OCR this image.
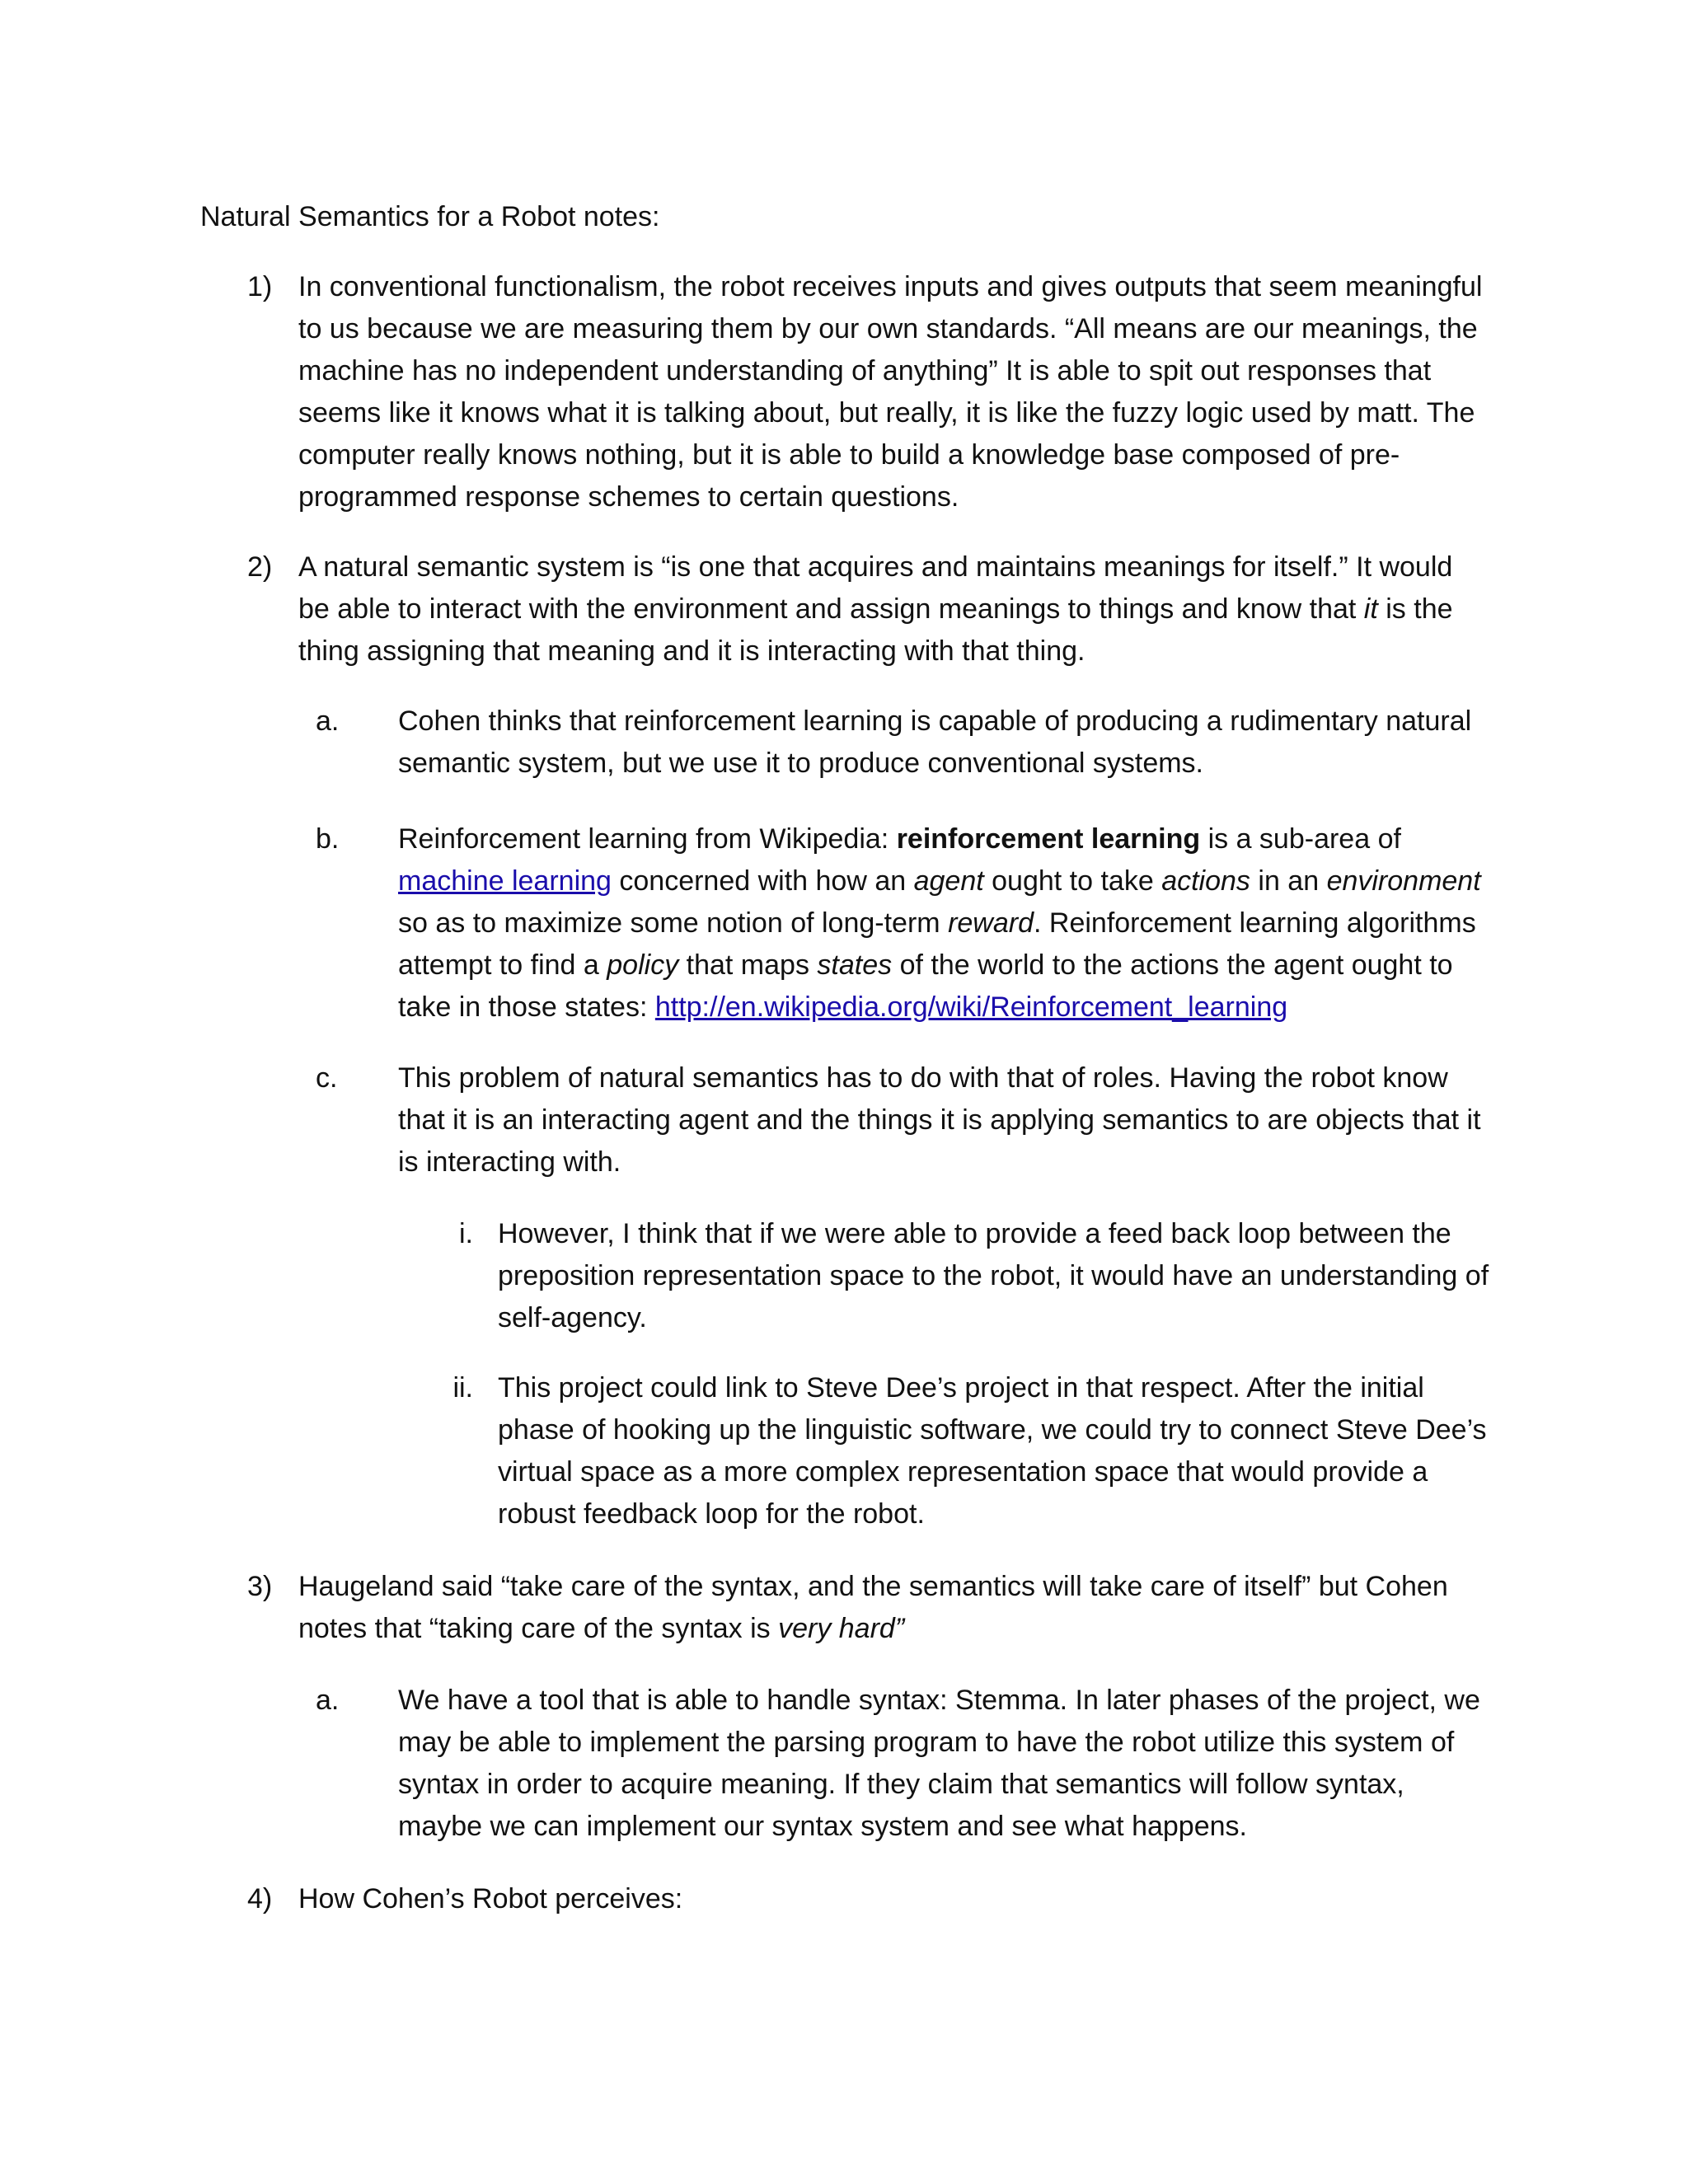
Natural Semantics for a Robot notes:
1) In conventional functionalism, the robot receives inputs and gives outputs that seem meaningful to us because we are measuring them by our own standards. “All means are our meanings, the machine has no independent understanding of anything” It is able to spit out responses that seems like it knows what it is talking about, but really, it is like the fuzzy logic used by matt. The computer really knows nothing, but it is able to build a knowledge base composed of pre-programmed response schemes to certain questions.
2) A natural semantic system is “is one that acquires and maintains meanings for itself.” It would be able to interact with the environment and assign meanings to things and know that it is the thing assigning that meaning and it is interacting with that thing.
a.	Cohen thinks that reinforcement learning is capable of producing a rudimentary natural semantic system, but we use it to produce conventional systems.
b.	Reinforcement learning from Wikipedia: reinforcement learning is a sub-area of machine learning concerned with how an agent ought to take actions in an environment so as to maximize some notion of long-term reward. Reinforcement learning algorithms attempt to find a policy that maps states of the world to the actions the agent ought to take in those states: http://en.wikipedia.org/wiki/Reinforcement_learning
c.	This problem of natural semantics has to do with that of roles. Having the robot know that it is an interacting agent and the things it is applying semantics to are objects that it is interacting with.
i. However, I think that if we were able to provide a feed back loop between the preposition representation space to the robot, it would have an understanding of self-agency.
ii. This project could link to Steve Dee’s project in that respect. After the initial phase of hooking up the linguistic software, we could try to connect Steve Dee’s virtual space as a more complex representation space that would provide a robust feedback loop for the robot.
3) Haugeland said “take care of the syntax, and the semantics will take care of itself” but Cohen notes that “taking care of the syntax is very hard”
a.	We have a tool that is able to handle syntax: Stemma. In later phases of the project, we may be able to implement the parsing program to have the robot utilize this system of syntax in order to acquire meaning. If they claim that semantics will follow syntax, maybe we can implement our syntax system and see what happens.
4) How Cohen’s Robot perceives:
